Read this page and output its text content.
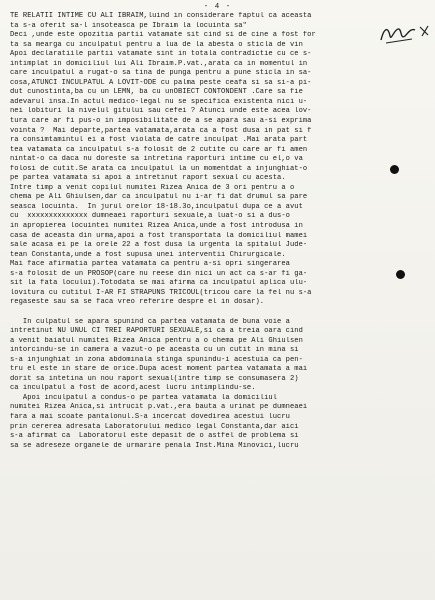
- 4 -
TE RELATII INTIME CU ALI IBRAIM,luind in considerare faptul ca aceasta
ta s-a oferit sa-l insoteasca pe Ibraim la locuinta sa"
Deci ,unde este opozitia partii vatamate sit cind si de cine a fost for
ta sa mearga cu inculpatul pentru a lua de la abesta o sticla de vin
Apoi declaratiile partii vatamate sint in totala contradictie cu ce s-
intimplat in domiciliul lui Ali Ibraim.P.vat.,arata ca in momentul in
care inculpatul a rugat-o sa tina de punga pentru a pune sticla in sa-
cosa,ATUNCI INCULPATUL A LOVIT-ODE cu palma peste ceafa si sa si-a pi-
dut cunostinta,ba cu un LEMN, ba cu unOBIECT CONTONDENT .Care sa fie
adevarul insa.In actul medico-legal nu se specifica existenta nici u-
nei lobituri la nivelul gitului sau cefei ? Atunci unde este acea lov-
tura care ar fi pus-o in imposibilitate de a se apara sau a-si exprima
vointa ?  Mai departe,partea vatamata,arata ca a fost dusa in pat si f
ra consimtamintul ei a fost violata de catre inculpat .Mai arata part
tea vatamata ca inculpatul s-a folosit de 2 cutite cu care ar fi amen
nintat-o ca daca nu doreste sa intretina raporturi intime cu el,o va
folosi de cutit.Se arata ca inculpatul la un momentdat a injunghiat-o
pe partea vatamata si apoi a intretinut raport sexual cu acesta.
Intre timp a venit copilul numitei Rizea Anica de 3 ori pentru a o
chema pe Ali Ghiulsen,dar ca inculpatul nu i-ar fi dat drumul sa pare
seasca locuinta.  In jurul orelor 18-18.3o,inculpatul dupa ce a avut
cu  xxxxxxxxxxxxxx dumneaei raporturi sexuale,a luat-o si a dus-o
in apropierea locuintei numitei Rizea Anica,unde a fost introdusa in
casa de aceasta din urma,apoi a fost transportata la domiciliul mamei
sale acasa ei pe la orele 22 a fost dusa la urgenta la spitalul Jude-
tean Constanta,unde a fost supusa unei interventii Chirurgicale.
Mai face afirmatia partea vatamata ca pentru a-si opri singerarea
s-a folosit de un PROSOP(care nu reese din nici un act ca s-ar fi ga-
sit la fata locului).Totodata se mai afirma ca inculpatul aplica ulu-
lovitura cu cutitul I-AR FI STRAPUNS TRICOUL(tricou care la fel nu s-a
regaseste sau sa se faca vreo referire despre el in dosar).
In culpatul se apara spunind ca partea vatamata de buna voie a
intretinut NU UNUL CI TREI RAPORTURI SEXUALE,si ca a treia oara cind
a venit baiatul numitei Rizea Anica pentru a o chema pe Ali Ghiulsen
intorcindu-se in camera a vazut-o pe aceasta cu un cutit in mina si
s-a injunghiat in zona abdominala stinga spunindu-i acestuia ca pen-
tru el este in stare de orice.Dupa acest moment partea vatamata a mai
dorit sa intetina un nou raport sexual(intre timp se consumasera 2)
ca inculpatul a fost de acord,acest lucru intimplindu-se.
Apoi inculpatul a condus-o pe partea vatamata la domiciliul
numitei Rizea Anica,si intrucit p.vat.,era bauta a urinat pe dumneaei
fara a mai scoate pantalonul.S-a incercat dovedirea acestui lucru
prin cererea adresata Laboratorului medico legal Constanta,dar aici
s-a afirmat ca  Laboratorul este depasit de o astfel de problema si
sa se adreseze organele de urmarire penala Inst.Mina Minovici,lucru
